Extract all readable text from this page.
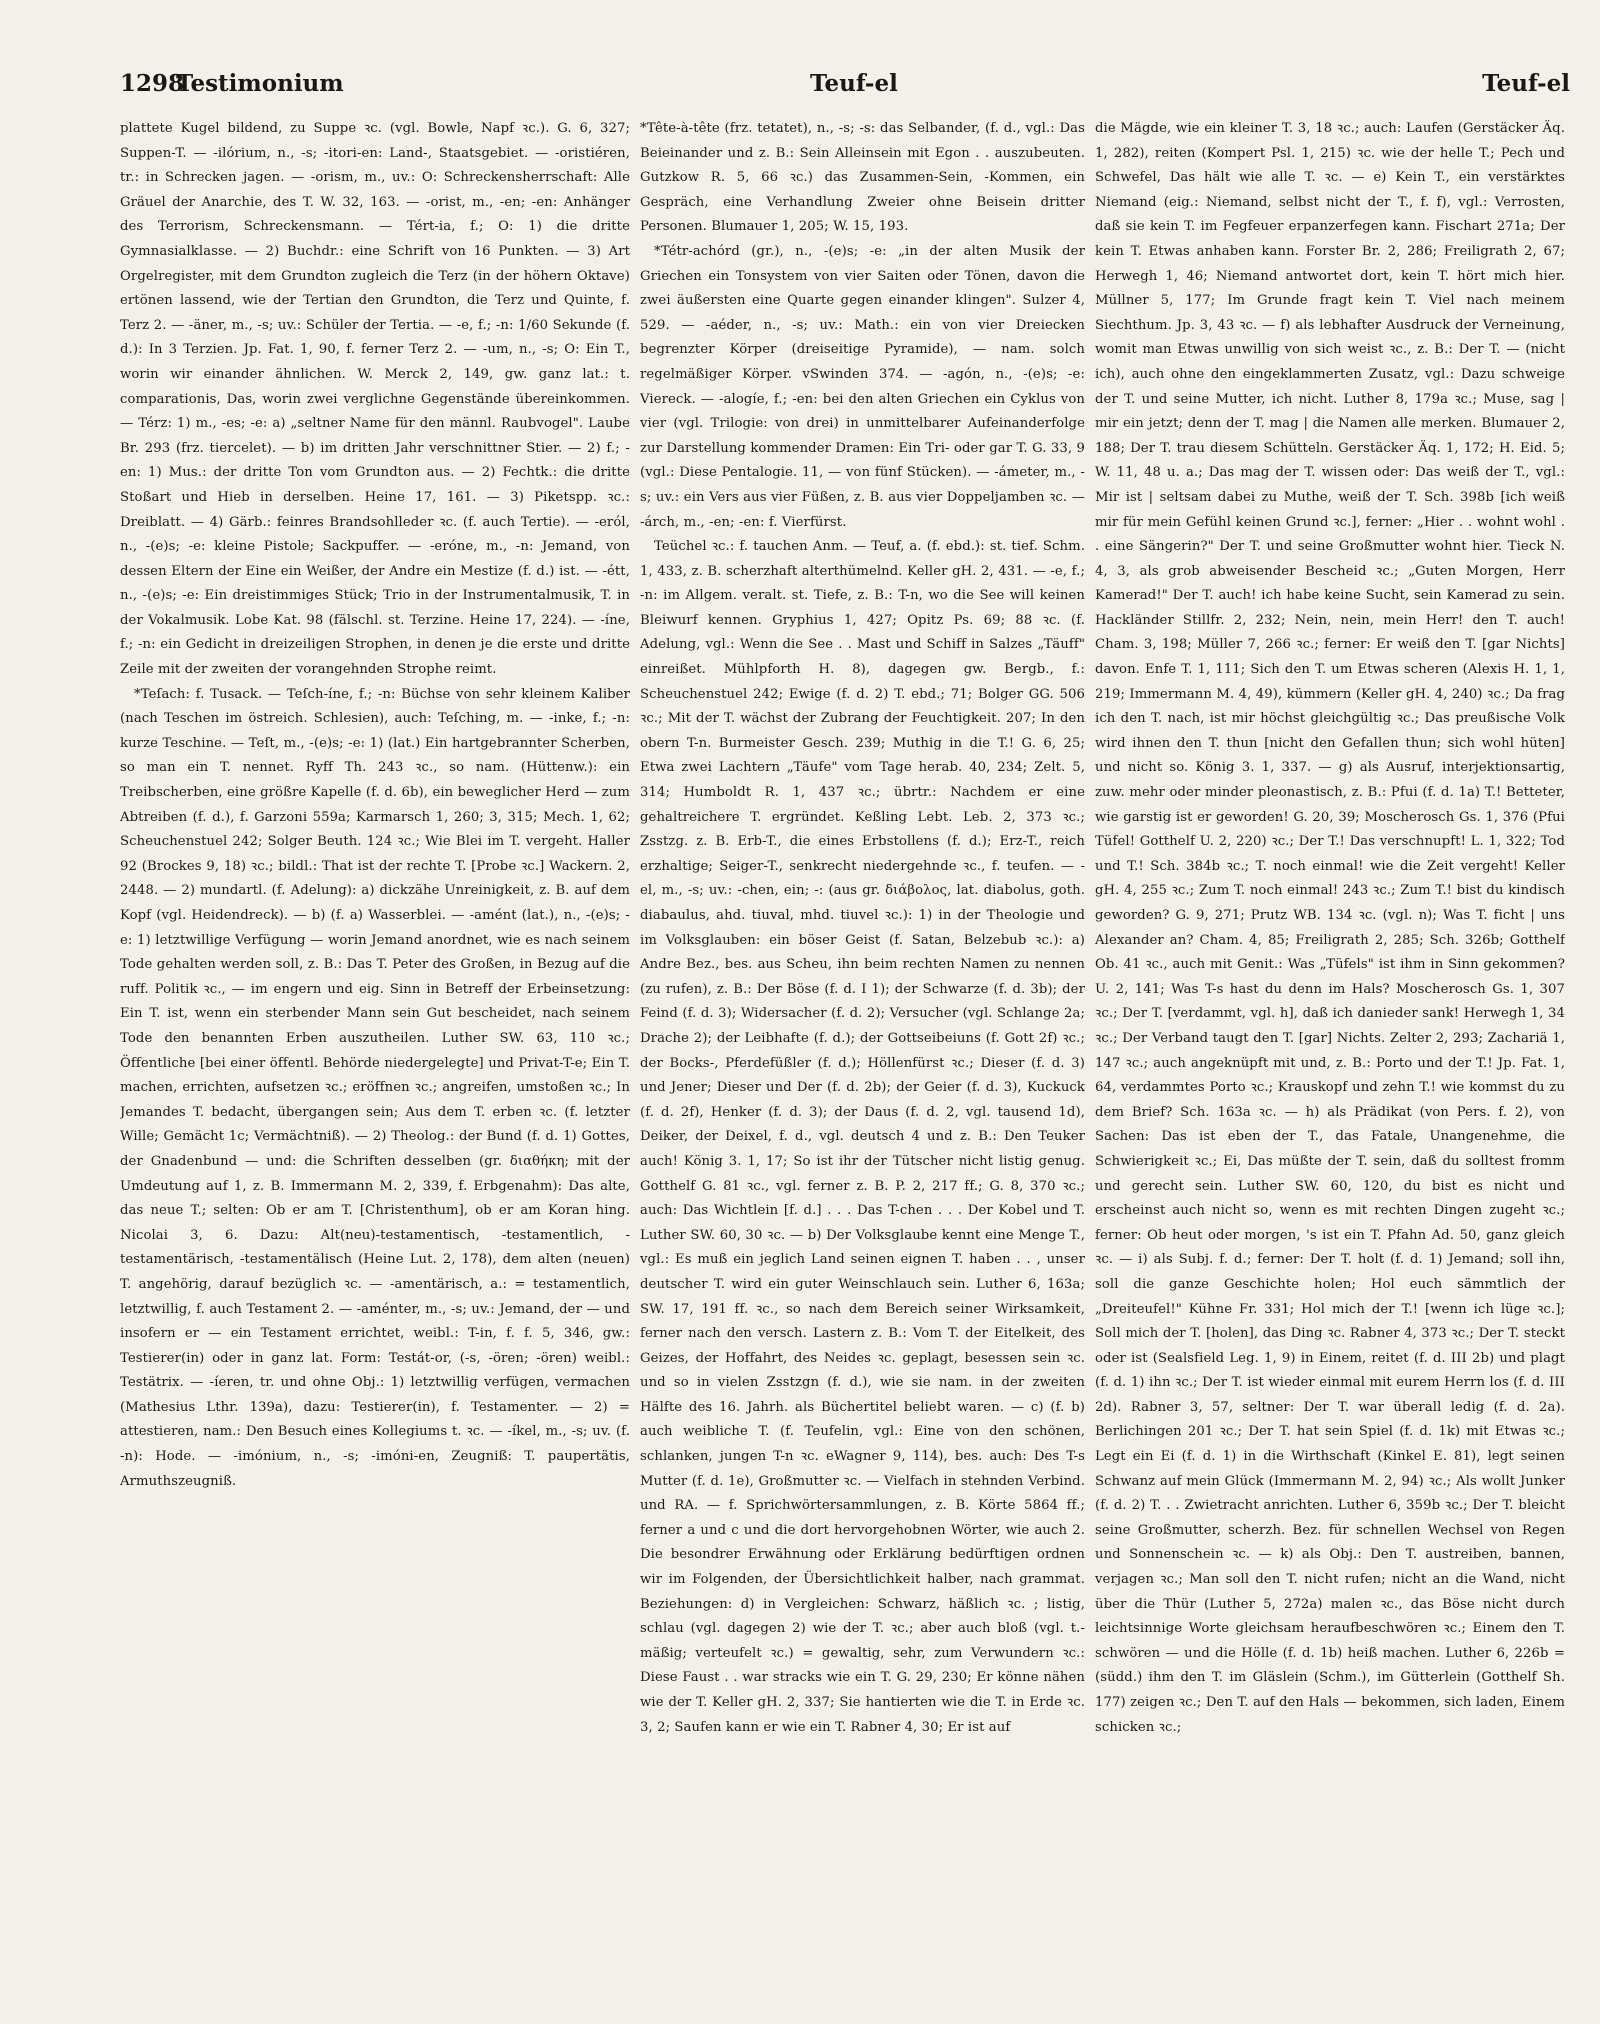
1298
Testimonium	Teuf-el	Teuf-el

plattete Kugel bildend, zu Suppe ꝛc. (vgl. Bowle, Napf ꝛc.). G. 6, 327; Suppen-T. — -ilórium, n., -s; -itori-en: Land-, Staatsgebiet. — -oristiéren, tr.: in Schrecken jagen. — -orism, m., uv.: O: Schreckensherrschaft: Alle Gräuel der Anarchie, des T. W. 32, 163. — -orist, m., -en; -en: Anhänger des Terrorism, Schreckensmann. — Tért-ia, f.; O: 1) die dritte Gymnasialklasse. — 2) Buchdr.: eine Schrift von 16 Punkten. — 3) Art Orgelregister, mit dem Grundton zugleich die Terz (in der höhern Oktave) ertönen lassend, wie der Tertian den Grundton, die Terz und Quinte, f. Terz 2. — -äner, m., -s; uv.: Schüler der Tertia. — -e, f.; -n: 1/60 Sekunde (f. d.): In 3 Terzien. Jp. Fat. 1, 90, f. ferner Terz 2. — -um, n., -s; O: Ein T., worin wir einander ähnlichen. W. Merck 2, 149, gw. ganz lat.: t. comparationis, Das, worin zwei verglichne Gegenstände übereinkommen. — Térz: 1) m., -es; -e: a) „seltner Name für den männl. Raubvogel". Laube Br. 293 (frz. tiercelet). — b) im dritten Jahr verschnittner Stier. — 2) f.; -en: 1) Mus.: der dritte Ton vom Grundton aus. — 2) Fechtk.: die dritte Stoßart und Hieb in derselben. Heine 17, 161. — 3) Piketspp. ꝛc.: Dreiblatt. — 4) Gärb.: feinres Brandsohlleder ꝛc. (f. auch Tertie). — -eról, n., -(e)s; -e: kleine Pistole; Sackpuffer. — -eróne, m., -n: Jemand, von dessen Eltern der Eine ein Weißer, der Andre ein Mestize (f. d.) ist. — -étt, n., -(e)s; -e: Ein dreistimmiges Stück; Trio in der Instrumentalmusik, T. in der Vokalmusik. Lobe Kat. 98 (fälschl. st. Terzine. Heine 17, 224). — -íne, f.; -n: ein Gedicht in dreizeiligen Strophen, in denen je die erste und dritte Zeile mit der zweiten der vorangehnden Strophe reimt.

*Teſach: f. Tusack. — Teſch-íne, f.; -n: Büchse von sehr kleinem Kaliber (nach Teschen im östreich. Schlesien), auch: Teſching, m. — -inke, f.; -n: kurze Teschine. — Teſt, m., -(e)s; -e: 1) (lat.) Ein hartgebrannter Scherben, so man ein T. nennet. Ryff Th. 243 ꝛc., so nam. (Hüttenw.): ein Treibscherben, eine größre Kapelle (f. d. 6b), ein beweglicher Herd — zum Abtreiben (f. d.), f. Garzoni 559a; Karmarsch 1, 260; 3, 315; Mech. 1, 62; Scheuchenstuel 242; Solger Beuth. 124 ꝛc.; Wie Blei im T. vergeht. Haller 92 (Brockes 9, 18) ꝛc.; bildl.: That ist der rechte T. [Probe ꝛc.] Wackern. 2, 2448. — 2) mundartl. (f. Adelung): a) dickzähe Unreinigkeit, z. B. auf dem Kopf (vgl. Heidendreck). — b) (f. a) Wasserblei. — -amént (lat.), n., -(e)s; -e: 1) letztwillige Verfügung — worin Jemand anordnet, wie es nach seinem Tode gehalten werden soll, z. B.: Das T. Peter des Großen, in Bezug auf die ruff. Politik ꝛc., — im engern und eig. Sinn in Betreff der Erbeinsetzung: Ein T. ist, wenn ein sterbender Mann sein Gut bescheidet, nach seinem Tode den benannten Erben auszutheilen. Luther SW. 63, 110 ꝛc.; Öffentliche [bei einer öffentl. Behörde niedergelegte] und Privat-T-e; Ein T. machen, errichten, aufsetzen ꝛc.; eröffnen ꝛc.; angreifen, umstoßen ꝛc.; In Jemandes T. bedacht, übergangen sein; Aus dem T. erben ꝛc. (f. letzter Wille; Gemächt 1c; Vermächtniß). — 2) Theolog.: der Bund (f. d. 1) Gottes, der Gnadenbund — und: die Schriften desselben (gr. διαθήκη; mit der Umdeutung auf 1, z. B. Immermann M. 2, 339, f. Erbgenahm): Das alte, das neue T.; selten: Ob er am T. [Christenthum], ob er am Koran hing. Nicolai 3, 6. Dazu: Alt(neu)-testamentisch, -testamentlich, -testamentärisch, -testamentälisch (Heine Lut. 2, 178), dem alten (neuen) T. angehörig, darauf bezüglich ꝛc. — -amentärisch, a.: = testamentlich, letztwillig, f. auch Testament 2. — -aménter, m., -s; uv.: Jemand, der — und insofern er — ein Testament errichtet, weibl.: T-in, f. f. 5, 346, gw.: Testierer(in) oder in ganz lat. Form: Testát-or, (-s, -ören; -ören) weibl.: Testätrix. — -íeren, tr. und ohne Obj.: 1) letztwillig verfügen, vermachen (Mathesius Lthr. 139a), dazu: Testierer(in), f. Testamenter. — 2) = attestieren, nam.: Den Besuch eines Kollegiums t. ꝛc. — -íkel, m., -s; uv. (f. -n): Hode. — -imónium, n., -s; -imóni-en, Zeugniß: T. paupertätis, Armuthszeugniß.

*Tête-à-tête (frz. tetatet), n., -s; -s: das Selbander, (f. d., vgl.: Das Beieinander und z. B.: Sein Alleinsein mit Egon . . auszubeuten. Gutzkow R. 5, 66 ꝛc.) das Zusammen-Sein, -Kommen, ein Gespräch, eine Verhandlung Zweier ohne Beisein dritter Personen. Blumauer 1, 205; W. 15, 193.

*Tétr-achórd (gr.), n., -(e)s; -e: „in der alten Musik der Griechen ein Tonsystem von vier Saiten oder Tönen, davon die zwei äußersten eine Quarte gegen einander klingen". Sulzer 4, 529. — -aéder, n., -s; uv.: Math.: ein von vier Dreiecken begrenzter Körper (dreiseitige Pyramide), — nam. solch regelmäßiger Körper. vSwinden 374. — -agón, n., -(e)s; -e: Viereck. — -alogíe, f.; -en: bei den alten Griechen ein Cyklus von vier (vgl. Trilogie: von drei) in unmittelbarer Aufeinanderfolge zur Darstellung kommender Dramen: Ein Tri- oder gar T. G. 33, 9 (vgl.: Diese Pentalogie. 11, — von fünf Stücken). — -ámeter, m., -s; uv.: ein Vers aus vier Füßen, z. B. aus vier Doppeljamben ꝛc. — -árch, m., -en; -en: f. Vierfürst.

Teüchel ꝛc.: f. tauchen Anm. — Teuf, a. (f. ebd.): st. tief. Schm. 1, 433, z. B. scherzhaft alterthümelnd. Keller gH. 2, 431. — -e, f.; -n: im Allgem. veralt. st. Tiefe, z. B.: T-n, wo die See will keinen Bleiwurf kennen. Gryphius 1, 427; Opitz Ps. 69; 88 ꝛc. (f. Adelung, vgl.: Wenn die See . . Mast und Schiff in Salzes „Täuff" einreißet. Mühlpforth H. 8), dagegen gw. Bergb., f.: Scheuchenstuel 242; Ewige (f. d. 2) T. ebd.; 71; Bolger GG. 506 ꝛc.; Mit der T. wächst der Zubrang der Feuchtigkeit. 207; In den obern T-n. Burmeister Gesch. 239; Muthig in die T.! G. 6, 25; Etwa zwei Lachtern „Täufe" vom Tage herab. 40, 234; Zelt. 5, 314; Humboldt R. 1, 437 ꝛc.; übrtr.: Nachdem er eine gehaltreichere T. ergründet. Keßling Lebt. Leb. 2, 373 ꝛc.; Zsstzg. z. B. Erb-T., die eines Erbstollens (f. d.); Erz-T., reich erzhaltige; Seiger-T., senkrecht niedergehnde ꝛc., f. teufen. — -el, m., -s; uv.: -chen, ein; -: (aus gr. διάβολος, lat. diabolus, goth. diabaulus, ahd. tiuval, mhd. tiuvel ꝛc.): 1) in der Theologie und im Volksglauben: ein böser Geist (f. Satan, Belzebub ꝛc.): a) Andre Bez., bes. aus Scheu, ihn beim rechten Namen zu nennen (zu rufen), z. B.: Der Böse (f. d. I 1); der Schwarze (f. d. 3b); der Feind (f. d. 3); Widersacher (f. d. 2); Versucher (vgl. Schlange 2a; Drache 2); der Leibhafte (f. d.); der Gottseibeiuns (f. Gott 2f) ꝛc.; der Bocks-, Pferdefüßler (f. d.); Höllenfürst ꝛc.; Dieser (f. d. 3) und Jener; Dieser und Der (f. d. 2b); der Geier (f. d. 3), Kuckuck (f. d. 2f), Henker (f. d. 3); der Daus (f. d. 2, vgl. tausend 1d), Deiker, der Deixel, f. d., vgl. deutsch 4 und z. B.: Den Teuker auch! König 3. 1, 17; So ist ihr der Tütscher nicht listig genug. Gotthelf G. 81 ꝛc., vgl. ferner z. B. P. 2, 217 ff.; G. 8, 370 ꝛc.; auch: Das Wichtlein [f. d.] . . . Das T-chen . . . Der Kobel und T. Luther SW. 60, 30 ꝛc. — b) Der Volksglaube kennt eine Menge T., vgl.: Es muß ein jeglich Land seinen eignen T. haben . . , unser deutscher T. wird ein guter Weinschlauch sein. Luther 6, 163a; SW. 17, 191 ff. ꝛc., so nach dem Bereich seiner Wirksamkeit, ferner nach den versch. Lastern z. B.: Vom T. der Eitelkeit, des Geizes, der Hoffahrt, des Neides ꝛc. geplagt, besessen sein ꝛc. und so in vielen Zsstzgn (f. d.), wie sie nam. in der zweiten Hälfte des 16. Jahrh. als Büchertitel beliebt waren. — c) (f. b) auch weibliche T. (f. Teufelin, vgl.: Eine von den schönen, schlanken, jungen T-n ꝛc. eWagner 9, 114), bes. auch: Des T-s Mutter (f. d. 1e), Großmutter ꝛc. — Vielfach in stehnden Verbind. und RA. — f. Sprichwörtersammlungen, z. B. Körte 5864 ff.; ferner a und c und die dort hervorgehobnen Wörter, wie auch 2. Die besondrer Erwähnung oder Erklärung bedürftigen ordnen wir im Folgenden, der Übersichtlichkeit halber, nach grammat. Beziehungen: d) in Vergleichen: Schwarz, häßlich ꝛc. ; listig, schlau (vgl. dagegen 2) wie der T. ꝛc.; aber auch bloß (vgl. t.-mäßig; verteufelt ꝛc.) = gewaltig, sehr, zum Verwundern ꝛc.: Diese Faust . . war stracks wie ein T. G. 29, 230; Er könne nähen wie der T. Keller gH. 2, 337; Sie hantierten wie die T. in Erde ꝛc. 3, 2; Saufen kann er wie ein T. Rabner 4, 30; Er ist auf

die Mägde, wie ein kleiner T. 3, 18 ꝛc.; auch: Laufen (Gerstäcker Äq. 1, 282), reiten (Kompert Psl. 1, 215) ꝛc. wie der helle T.; Pech und Schwefel, Das hält wie alle T. ꝛc. — e) Kein T., ein verstärktes Niemand (eig.: Niemand, selbst nicht der T., f. f), vgl.: Verrosten, daß sie kein T. im Fegfeuer erpanzerfegen kann. Fischart 271a; Der kein T. Etwas anhaben kann. Forster Br. 2, 286; Freiligrath 2, 67; Herwegh 1, 46; Niemand antwortet dort, kein T. hört mich hier. Müllner 5, 177; Im Grunde fragt kein T. Viel nach meinem Siechthum. Jp. 3, 43 ꝛc. — f) als lebhafter Ausdruck der Verneinung, womit man Etwas unwillig von sich weist ꝛc., z. B.: Der T. — (nicht ich), auch ohne den eingeklammerten Zusatz, vgl.: Dazu schweige der T. und seine Mutter, ich nicht. Luther 8, 179a ꝛc.; Muse, sag | mir ein jetzt; denn der T. mag | die Namen alle merken. Blumauer 2, 188; Der T. trau diesem Schütteln. Gerstäcker Äq. 1, 172; H. Eid. 5; W. 11, 48 u. a.; Das mag der T. wissen oder: Das weiß der T., vgl.: Mir ist | seltsam dabei zu Muthe, weiß der T. Sch. 398b [ich weiß mir für mein Gefühl keinen Grund ꝛc.], ferner: „Hier . . wohnt wohl . . eine Sängerin?" Der T. und seine Großmutter wohnt hier. Tieck N. 4, 3, als grob abweisender Bescheid ꝛc.; „Guten Morgen, Herr Kamerad!" Der T. auch! ich habe keine Sucht, sein Kamerad zu sein. Hackländer Stillfr. 2, 232; Nein, nein, mein Herr! den T. auch! Cham. 3, 198; Müller 7, 266 ꝛc.; ferner: Er weiß den T. [gar Nichts] davon. Enfe T. 1, 111; Sich den T. um Etwas scheren (Alexis H. 1, 1, 219; Immermann M. 4, 49), kümmern (Keller gH. 4, 240) ꝛc.; Da frag ich den T. nach, ist mir höchst gleichgültig ꝛc.; Das preußische Volk wird ihnen den T. thun [nicht den Gefallen thun; sich wohl hüten] und nicht so. König 3. 1, 337. — g) als Ausruf, interjektionsartig, zuw. mehr oder minder pleonastisch, z. B.: Pfui (f. d. 1a) T.! Betteter, wie garstig ist er geworden! G. 20, 39; Moscherosch Gs. 1, 376 (Pfui Tüfel! Gotthelf U. 2, 220) ꝛc.; Der T.! Das verschnupft! L. 1, 322; Tod und T.! Sch. 384b ꝛc.; T. noch einmal! wie die Zeit vergeht! Keller gH. 4, 255 ꝛc.; Zum T. noch einmal! 243 ꝛc.; Zum T.! bist du kindisch geworden? G. 9, 271; Prutz WB. 134 ꝛc. (vgl. n); Was T. ficht | uns Alexander an? Cham. 4, 85; Freiligrath 2, 285; Sch. 326b; Gotthelf Ob. 41 ꝛc., auch mit Genit.: Was „Tüfels" ist ihm in Sinn gekommen? U. 2, 141; Was T-s hast du denn im Hals? Moscherosch Gs. 1, 307 ꝛc.; Der T. [verdammt, vgl. h], daß ich danieder sank! Herwegh 1, 34 ꝛc.; Der Verband taugt den T. [gar] Nichts. Zelter 2, 293; Zachariä 1, 147 ꝛc.; auch angeknüpft mit und, z. B.: Porto und der T.! Jp. Fat. 1, 64, verdammtes Porto ꝛc.; Krauskopf und zehn T.! wie kommst du zu dem Brief? Sch. 163a ꝛc. — h) als Prädikat (von Pers. f. 2), von Sachen: Das ist eben der T., das Fatale, Unangenehme, die Schwierigkeit ꝛc.; Ei, Das müßte der T. sein, daß du solltest fromm und gerecht sein. Luther SW. 60, 120, du bist es nicht und erscheinst auch nicht so, wenn es mit rechten Dingen zugeht ꝛc.; ferner: Ob heut oder morgen, 's ist ein T. Pfahn Ad. 50, ganz gleich ꝛc. — i) als Subj. f. d.; ferner: Der T. holt (f. d. 1) Jemand; soll ihn, soll die ganze Geschichte holen; Hol euch sämmtlich der „Dreiteufel!" Kühne Fr. 331; Hol mich der T.! [wenn ich lüge ꝛc.]; Soll mich der T. [holen], das Ding ꝛc. Rabner 4, 373 ꝛc.; Der T. steckt oder ist (Sealsfield Leg. 1, 9) in Einem, reitet (f. d. III 2b) und plagt (f. d. 1) ihn ꝛc.; Der T. ist wieder einmal mit eurem Herrn los (f. d. III 2d). Rabner 3, 57, seltner: Der T. war überall ledig (f. d. 2a). Berlichingen 201 ꝛc.; Der T. hat sein Spiel (f. d. 1k) mit Etwas ꝛc.; Legt ein Ei (f. d. 1) in die Wirthschaft (Kinkel E. 81), legt seinen Schwanz auf mein Glück (Immermann M. 2, 94) ꝛc.; Als wollt Junker (f. d. 2) T. . . Zwietracht anrichten. Luther 6, 359b ꝛc.; Der T. bleicht seine Großmutter, scherzh. Bez. für schnellen Wechsel von Regen und Sonnenschein ꝛc. — k) als Obj.: Den T. austreiben, bannen, verjagen ꝛc.; Man soll den T. nicht rufen; nicht an die Wand, nicht über die Thür (Luther 5, 272a) malen ꝛc., das Böse nicht durch leichtsinnige Worte gleichsam heraufbeschwören ꝛc.; Einem den T. schwören — und die Hölle (f. d. 1b) heiß machen. Luther 6, 226b = (südd.) ihm den T. im Gläslein (Schm.), im Gütterlein (Gotthelf Sh. 177) zeigen ꝛc.; Den T. auf den Hals — bekommen, sich laden, Einem schicken ꝛc.;
